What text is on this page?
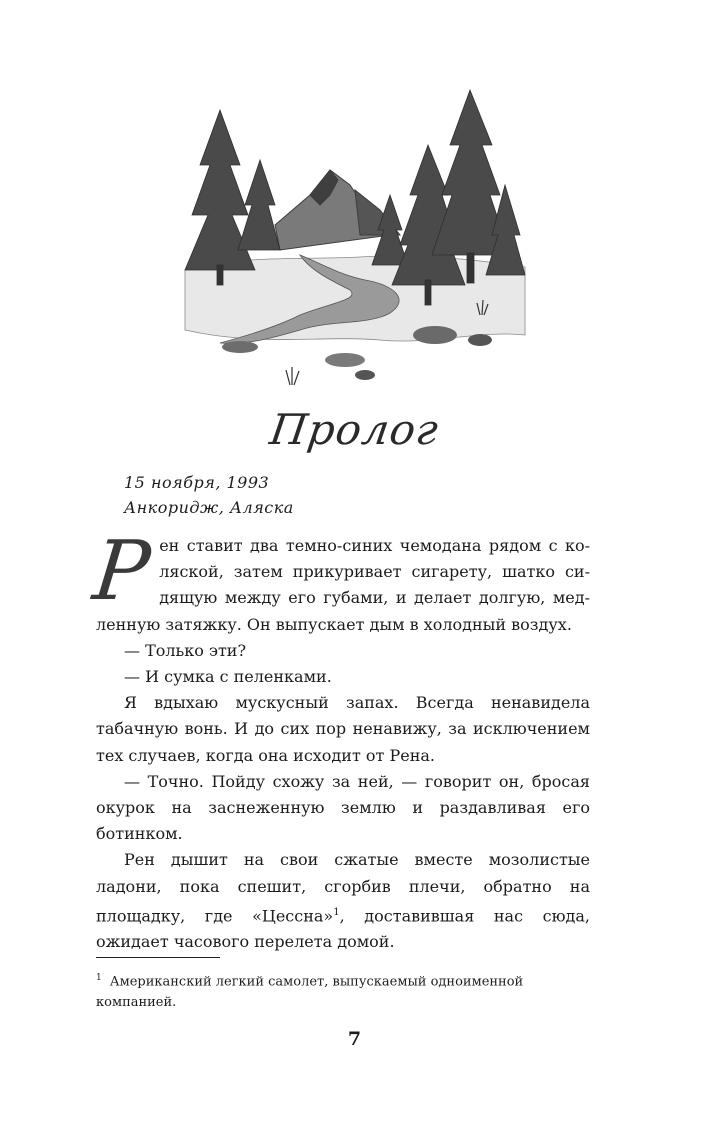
Пролог
15 ноября, 1993
Анкоридж, Аляска
Р ен ставит два темно-синих чемодана рядом с ко-
ляской, затем прикуривает сигарету, шатко си-
дящую между его губами, и делает долгую, мед-
ленную затяжку. Он выпускает дым в холодный воздух.

— Только эти?

— И сумка с пеленками.

Я вдыхаю мускусный запах. Всегда ненавидела табачную вонь. И до сих пор ненавижу, за исключением тех случаев, когда она исходит от Рена.

— Точно. Пойду схожу за ней, — говорит он, бросая окурок на заснеженную землю и раздавливая его ботинком.

Рен дышит на свои сжатые вместе мозолистые ладони, пока спешит, сгорбив плечи, обратно на площадку, где «Цессна»$^1$, доставившая нас сюда, ожидает часового перелета домой.

$^1$ Американский легкий самолет, выпускаемый одноименной компанией.
7
